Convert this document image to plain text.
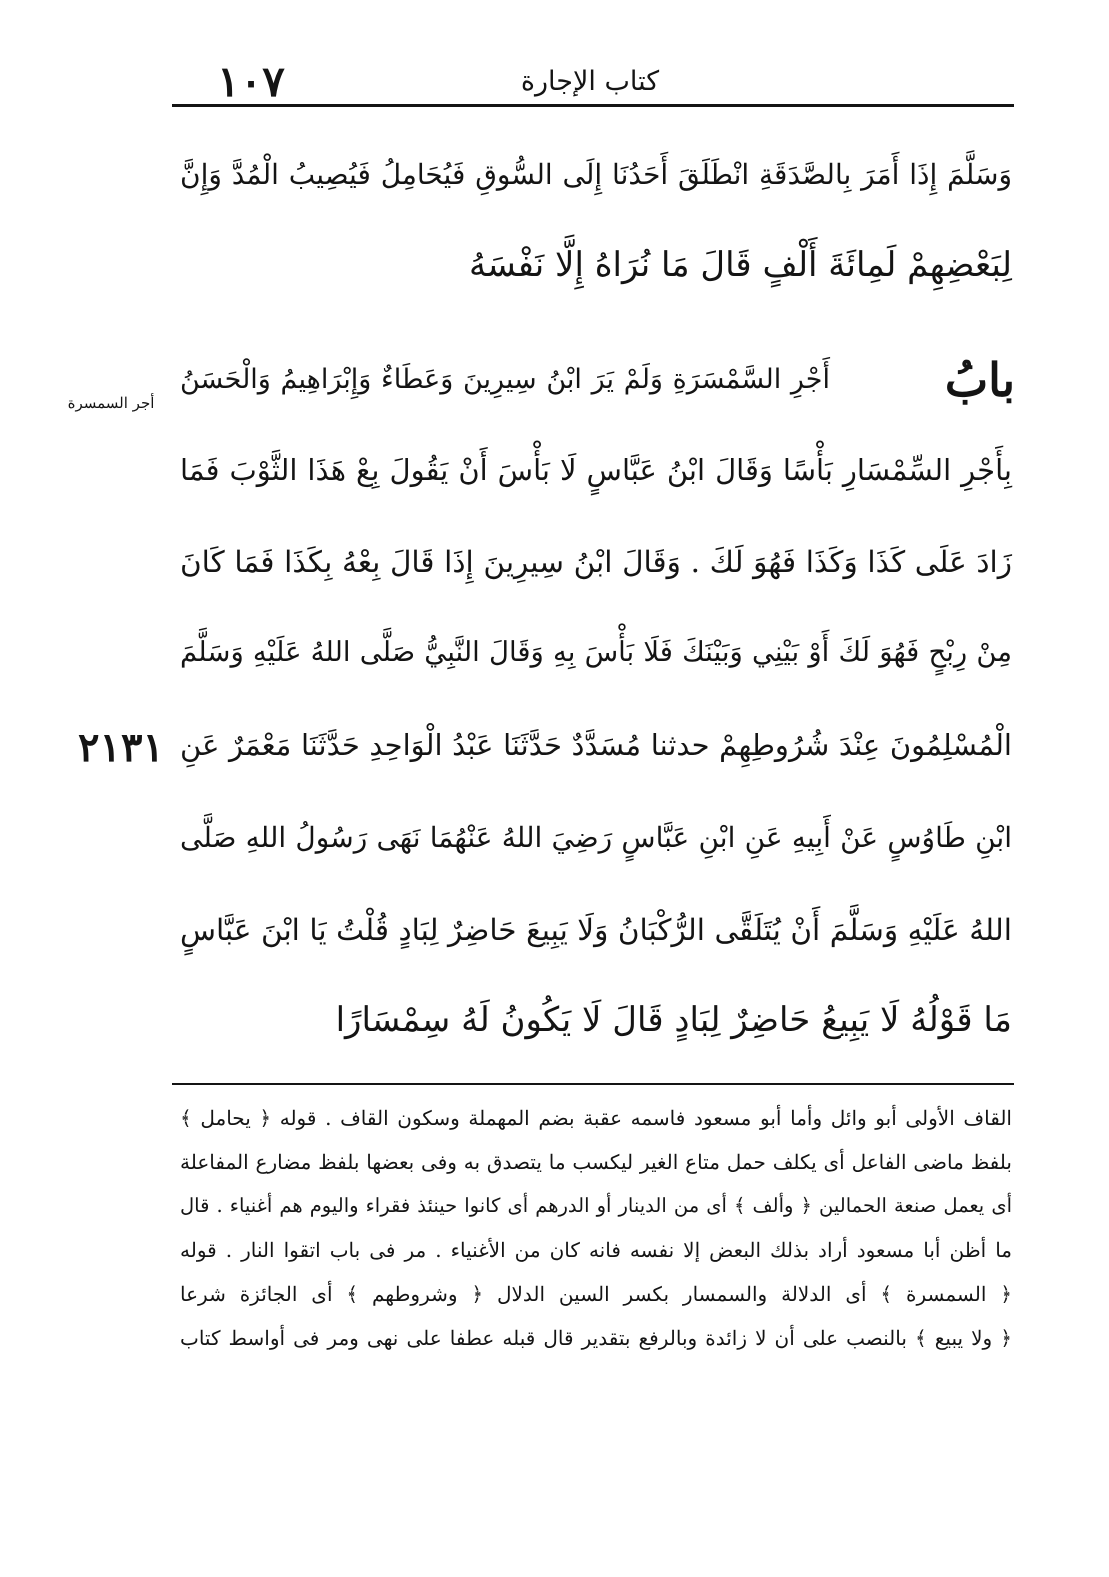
كتاب الإجارة
١٠٧
وَسَلَّمَ إِذَا أَمَرَ بِالصَّدَقَةِ انْطَلَقَ أَحَدُنَا إِلَى السُّوقِ فَيُحَامِلُ فَيُصِيبُ الْمُدَّ وَإِنَّ
لِبَعْضِهِمْ لَمِائَةَ أَلْفٍ قَالَ مَا نُرَاهُ إِلَّا نَفْسَهُ
بابُ
أَجْرِ السَّمْسَرَةِ وَلَمْ يَرَ ابْنُ سِيرِينَ وَعَطَاءٌ وَإِبْرَاهِيمُ وَالْحَسَنُ
أجر السمسرة
بِأَجْرِ السِّمْسَارِ بَأْسًا وَقَالَ ابْنُ عَبَّاسٍ لَا بَأْسَ أَنْ يَقُولَ بِعْ هَذَا الثَّوْبَ فَمَا
زَادَ عَلَى كَذَا وَكَذَا فَهُوَ لَكَ . وَقَالَ ابْنُ سِيرِينَ إِذَا قَالَ بِعْهُ بِكَذَا فَمَا كَانَ
مِنْ رِبْحٍ فَهُوَ لَكَ أَوْ بَيْنِي وَبَيْنَكَ فَلَا بَأْسَ بِهِ وَقَالَ النَّبِيُّ صَلَّى اللهُ عَلَيْهِ وَسَلَّمَ
الْمُسْلِمُونَ عِنْدَ شُرُوطِهِمْ حدثنا مُسَدَّدٌ حَدَّثَنَا عَبْدُ الْوَاحِدِ حَدَّثَنَا مَعْمَرٌ عَنِ
٢١٣١
ابْنِ طَاوُسٍ عَنْ أَبِيهِ عَنِ ابْنِ عَبَّاسٍ رَضِيَ اللهُ عَنْهُمَا نَهَى رَسُولُ اللهِ صَلَّى
اللهُ عَلَيْهِ وَسَلَّمَ أَنْ يُتَلَقَّى الرُّكْبَانُ وَلَا يَبِيعَ حَاضِرٌ لِبَادٍ قُلْتُ يَا ابْنَ عَبَّاسٍ
مَا قَوْلُهُ لَا يَبِيعُ حَاضِرٌ لِبَادٍ قَالَ لَا يَكُونُ لَهُ سِمْسَارًا
القاف الأولى أبو وائل وأما أبو مسعود فاسمه عقبة بضم المهملة وسكون القاف . قوله ﴿ يحامل ﴾
بلفظ ماضى الفاعل أى يكلف حمل متاع الغير ليكسب ما يتصدق به وفى بعضها بلفظ مضارع المفاعلة
أى يعمل صنعة الحمالين ﴿ وألف ﴾ أى من الدينار أو الدرهم أى كانوا حينئذ فقراء واليوم هم أغنياء . قال
ما أظن أبا مسعود أراد بذلك البعض إلا نفسه فانه كان من الأغنياء . مر فى باب اتقوا النار . قوله
﴿ السمسرة ﴾ أى الدلالة والسمسار بكسر السين الدلال ﴿ وشروطهم ﴾ أى الجائزة شرعا
﴿ ولا يبيع ﴾ بالنصب على أن لا زائدة وبالرفع بتقدير قال قبله عطفا على نهى ومر فى أواسط كتاب
